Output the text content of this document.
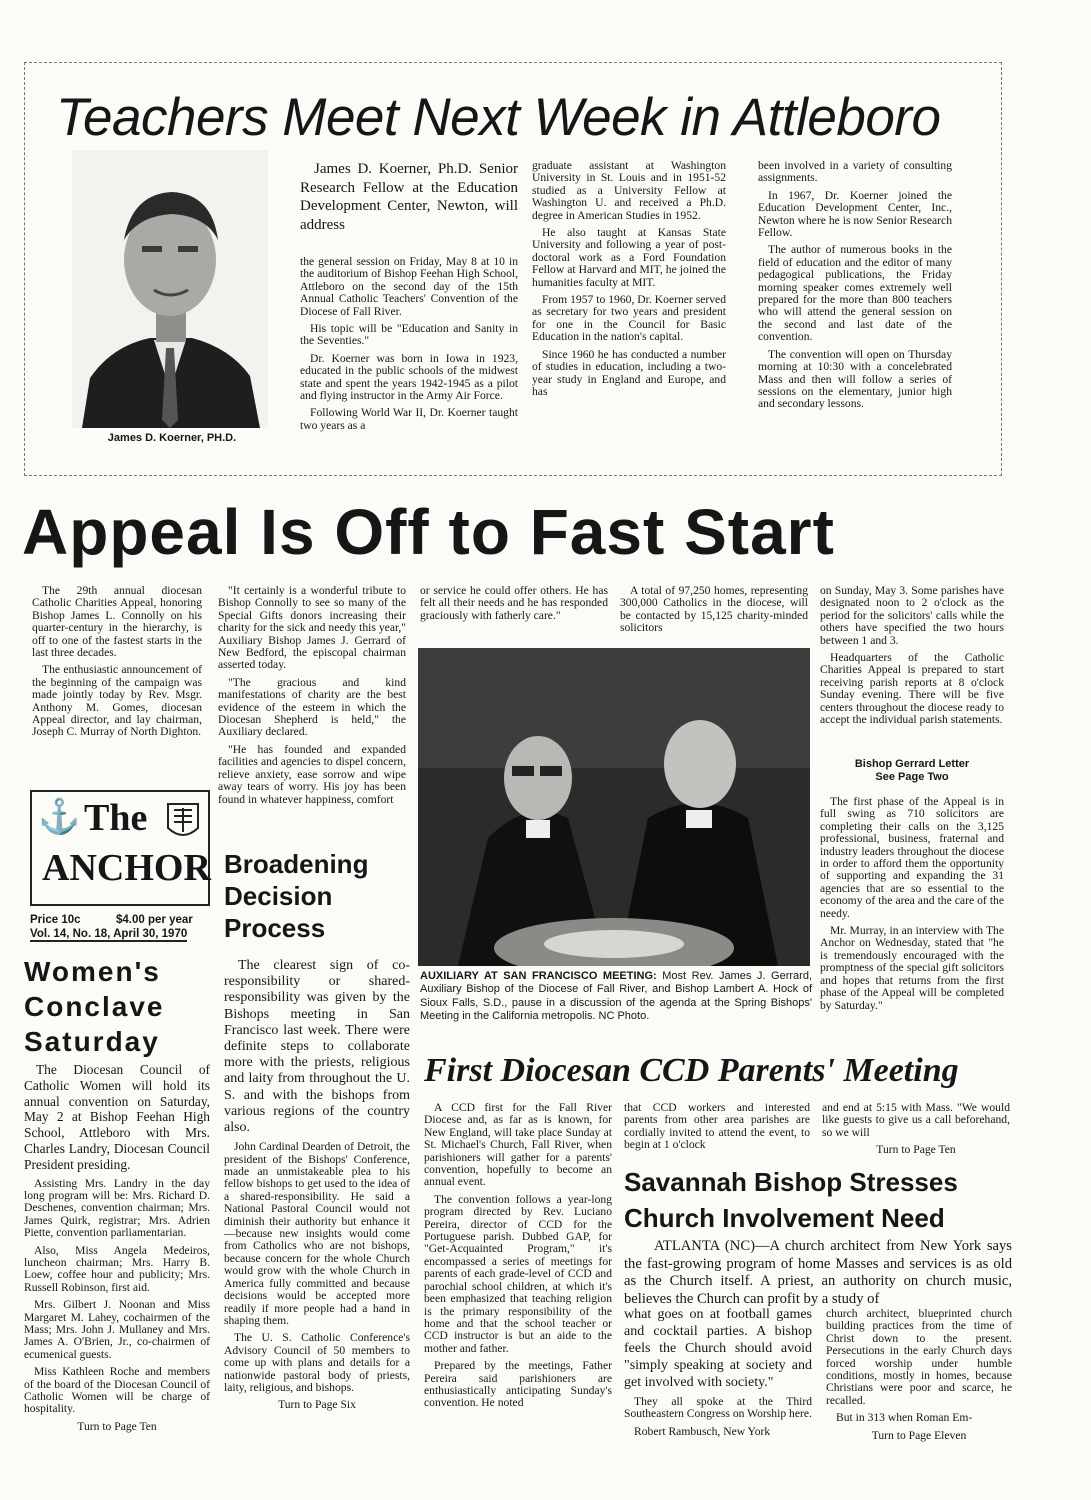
Teachers Meet Next Week in Attleboro
James D. Koerner, PH.D.
James D. Koerner, Ph.D. Senior Research Fellow at the Education Development Center, Newton, will address

the general session on Friday, May 8 at 10 in the auditorium of Bishop Feehan High School, Attleboro on the second day of the 15th Annual Catholic Teachers' Convention of the Diocese of Fall River.

His topic will be "Education and Sanity in the Seventies."

Dr. Koerner was born in Iowa in 1923, educated in the public schools of the midwest state and spent the years 1942-1945 as a pilot and flying instructor in the Army Air Force.

Following World War II, Dr. Koerner taught two years as a

graduate assistant at Washington University in St. Louis and in 1951-52 studied as a University Fellow at Washington U. and received a Ph.D. degree in American Studies in 1952.

He also taught at Kansas State University and following a year of post-doctoral work as a Ford Foundation Fellow at Harvard and MIT, he joined the humanities faculty at MIT.

From 1957 to 1960, Dr. Koerner served as secretary for two years and president for one in the Council for Basic Education in the nation's capital.

Since 1960 he has conducted a number of studies in education, including a two-year study in England and Europe, and has

been involved in a variety of consulting assignments.

In 1967, Dr. Koerner joined the Education Development Center, Inc., Newton where he is now Senior Research Fellow.

The author of numerous books in the field of education and the editor of many pedagogical publications, the Friday morning speaker comes extremely well prepared for the more than 800 teachers who will attend the general session on the second and last date of the convention.

The convention will open on Thursday morning at 10:30 with a concelebrated Mass and then will follow a series of sessions on the elementary, junior high and secondary lessons.

Appeal Is Off to Fast Start

The 29th annual diocesan Catholic Charities Appeal, honoring Bishop James L. Connolly on his quarter-century in the hierarchy, is off to one of the fastest starts in the last three decades.

The enthusiastic announcement of the beginning of the campaign was made jointly today by Rev. Msgr. Anthony M. Gomes, diocesan Appeal director, and lay chairman, Joseph C. Murray of North Dighton.

"It certainly is a wonderful tribute to Bishop Connolly to see so many of the Special Gifts donors increasing their charity for the sick and needy this year," Auxiliary Bishop James J. Gerrard of New Bedford, the episcopal chairman asserted today.

"The gracious and kind manifestations of charity are the best evidence of the esteem in which the Diocesan Shepherd is held," the Auxiliary declared.

"He has founded and expanded facilities and agencies to dispel concern, relieve anxiety, ease sorrow and wipe away tears of worry. His joy has been found in whatever happiness, comfort

or service he could offer others. He has felt all their needs and he has responded graciously with fatherly care."

A total of 97,250 homes, representing 300,000 Catholics in the diocese, will be contacted by 15,125 charity-minded solicitors

on Sunday, May 3. Some parishes have designated noon to 2 o'clock as the period for the solicitors' calls while the others have specified the two hours between 1 and 3.

Headquarters of the Catholic Charities Appeal is prepared to start receiving parish reports at 8 o'clock Sunday evening. There will be five centers throughout the diocese ready to accept the individual parish statements.

Bishop Gerrard Letter
See Page Two

The first phase of the Appeal is in full swing as 710 solicitors are completing their calls on the 3,125 professional, business, fraternal and industry leaders throughout the diocese in order to afford them the opportunity of supporting and expanding the 31 agencies that are so essential to the economy of the area and the care of the needy.

Mr. Murray, in an interview with The Anchor on Wednesday, stated that "he is tremendously encouraged with the promptness of the special gift solicitors and hopes that returns from the first phase of the Appeal will be completed by Saturday."

⚓ The
ANCHOR
Price 10c	$4.00 per year
Vol. 14, No. 18, April 30, 1970
AUXILIARY AT SAN FRANCISCO MEETING: Most Rev. James J. Gerrard, Auxiliary Bishop of the Diocese of Fall River, and Bishop Lambert A. Hock of Sioux Falls, S.D., pause in a discussion of the agenda at the Spring Bishops' Meeting in the California metropolis. NC Photo.
Broadening Decision Process

The clearest sign of co-responsibility or shared-responsibility was given by the Bishops meeting in San Francisco last week. There were definite steps to collaborate more with the priests, religious and laity from throughout the U. S. and with the bishops from various regions of the country also.

John Cardinal Dearden of Detroit, the president of the Bishops' Conference, made an unmistakeable plea to his fellow bishops to get used to the idea of a shared-responsibility. He said a National Pastoral Council would not diminish their authority but enhance it—because new insights would come from Catholics who are not bishops, because concern for the whole Church would grow with the whole Church in America fully committed and because decisions would be accepted more readily if more people had a hand in shaping them.

The U. S. Catholic Conference's Advisory Council of 50 members to come up with plans and details for a nationwide pastoral body of priests, laity, religious, and bishops.

Turn to Page Six

Women's Conclave Saturday

The Diocesan Council of Catholic Women will hold its annual convention on Saturday, May 2 at Bishop Feehan High School, Attleboro with Mrs. Charles Landry, Diocesan Council President presiding.

Assisting Mrs. Landry in the day long program will be: Mrs. Richard D. Deschenes, convention chairman; Mrs. James Quirk, registrar; Mrs. Adrien Piette, convention parliamentarian.

Also, Miss Angela Medeiros, luncheon chairman; Mrs. Harry B. Loew, coffee hour and publicity; Mrs. Russell Robinson, first aid.

Mrs. Gilbert J. Noonan and Miss Margaret M. Lahey, cochairmen of the Mass; Mrs. John J. Mullaney and Mrs. James A. O'Brien, Jr., co-chairmen of ecumenical guests.

Miss Kathleen Roche and members of the board of the Diocesan Council of Catholic Women will be charge of hospitality.

Turn to Page Ten

First Diocesan CCD Parents' Meeting

A CCD first for the Fall River Diocese and, as far as is known, for New England, will take place Sunday at St. Michael's Church, Fall River, when parishioners will gather for a parents' convention, hopefully to become an annual event.

The convention follows a year-long program directed by Rev. Luciano Pereira, director of CCD for the Portuguese parish. Dubbed GAP, for "Get-Acquainted Program," it's encompassed a series of meetings for parents of each grade-level of CCD and parochial school children, at which it's been emphasized that teaching religion is the primary responsibility of the home and that the school teacher or CCD instructor is but an aide to the mother and father.

Prepared by the meetings, Father Pereira said parishioners are enthusiastically anticipating Sunday's convention. He noted

that CCD workers and interested parents from other area parishes are cordially invited to attend the event, to begin at 1 o'clock

and end at 5:15 with Mass. "We would like guests to give us a call beforehand, so we will

Turn to Page Ten

Savannah Bishop Stresses Church Involvement Need
ATLANTA (NC)—A church architect from New York says the fast-growing program of home Masses and services is as old as the Church itself. A priest, an authority on church music, believes the Church can profit by a study of

what goes on at football games and cocktail parties. A bishop feels the Church should avoid "simply speaking at society and get involved with society."

They all spoke at the Third Southeastern Congress on Worship here.

Robert Rambusch, New York

church architect, blueprinted church building practices from the time of Christ down to the present. Persecutions in the early Church days forced worship under humble conditions, mostly in homes, because Christians were poor and scarce, he recalled.

But in 313 when Roman Em-

Turn to Page Eleven
